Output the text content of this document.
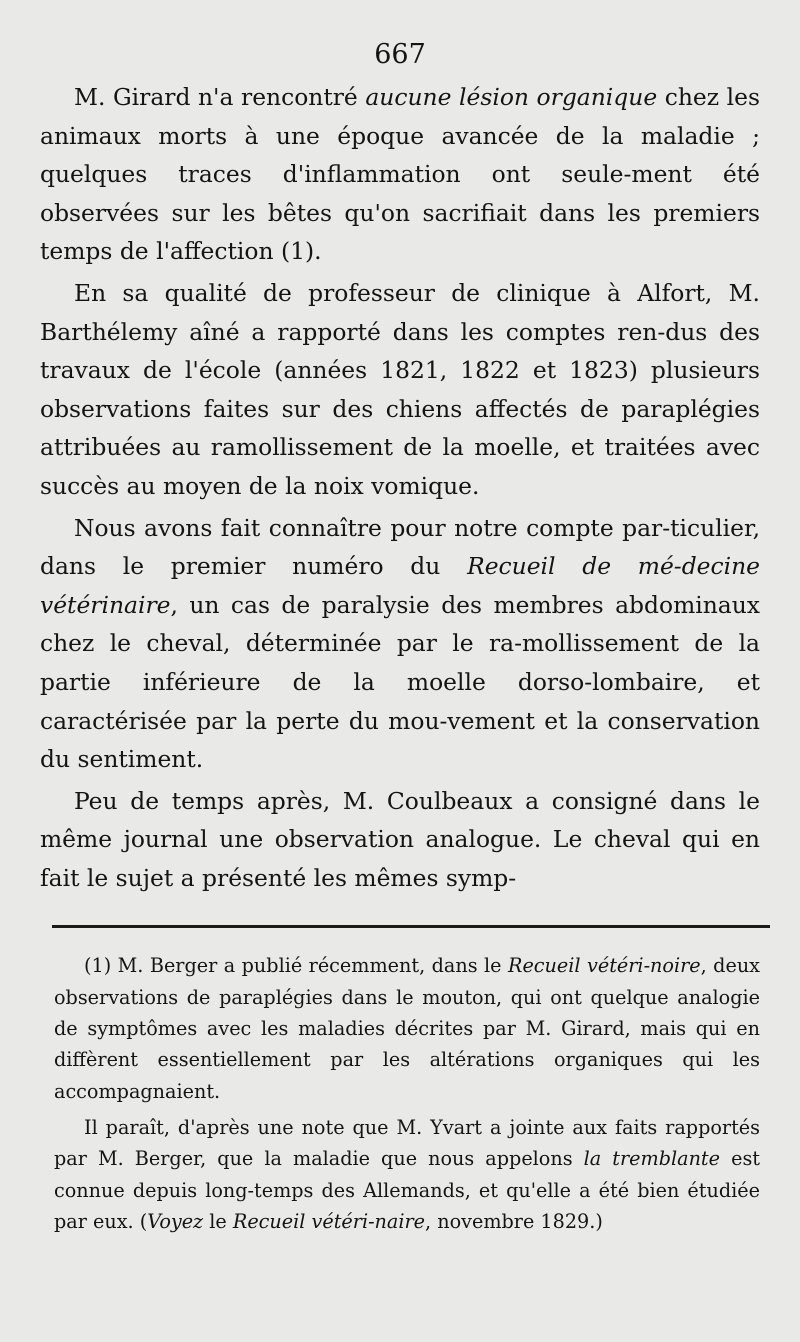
667

M. Girard n'a rencontré aucune lésion organique chez les animaux morts à une époque avancée de la maladie ; quelques traces d'inflammation ont seule-ment été observées sur les bêtes qu'on sacrifiait dans les premiers temps de l'affection (1).

En sa qualité de professeur de clinique à Alfort, M. Barthélemy aîné a rapporté dans les comptes ren-dus des travaux de l'école (années 1821, 1822 et 1823) plusieurs observations faites sur des chiens affectés de paraplégies attribuées au ramollissement de la moelle, et traitées avec succès au moyen de la noix vomique.

Nous avons fait connaître pour notre compte par-ticulier, dans le premier numéro du Recueil de mé-decine vétérinaire, un cas de paralysie des membres abdominaux chez le cheval, déterminée par le ra-mollissement de la partie inférieure de la moelle dorso-lombaire, et caractérisée par la perte du mou-vement et la conservation du sentiment.

Peu de temps après, M. Coulbeaux a consigné dans le même journal une observation analogue. Le cheval qui en fait le sujet a présenté les mêmes symp-

(1) M. Berger a publié récemment, dans le Recueil vétéri-noire, deux observations de paraplégies dans le mouton, qui ont quelque analogie de symptômes avec les maladies décrites par M. Girard, mais qui en diffèrent essentiellement par les altérations organiques qui les accompagnaient.

Il paraît, d'après une note que M. Yvart a jointe aux faits rapportés par M. Berger, que la maladie que nous appelons la tremblante est connue depuis long-temps des Allemands, et qu'elle a été bien étudiée par eux. (Voyez le Recueil vétéri-naire, novembre 1829.)
